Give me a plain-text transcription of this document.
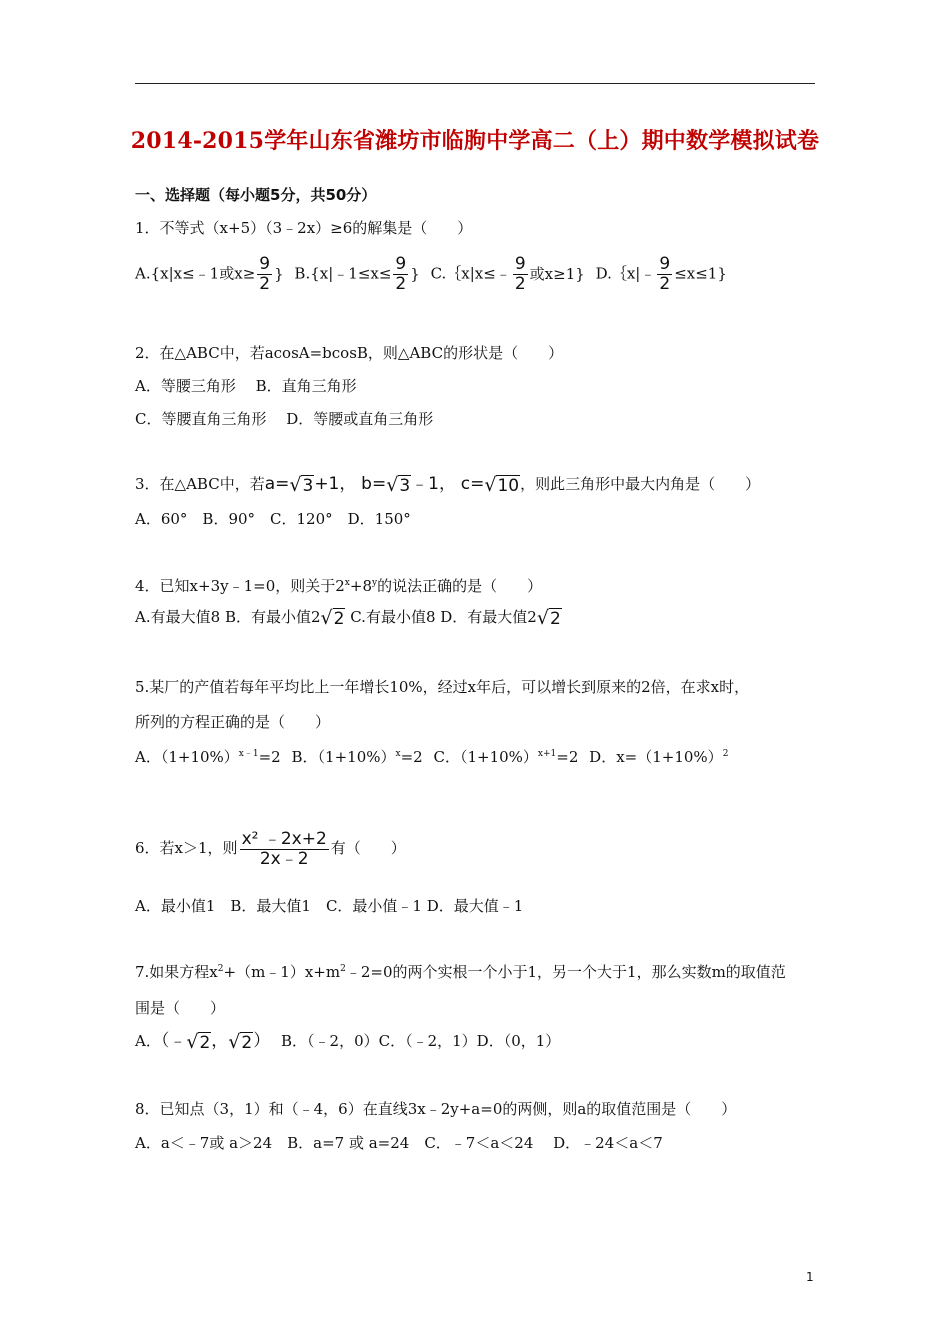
2014-2015学年山东省潍坊市临朐中学高二（上）期中数学模拟试卷
一、选择题（每小题5分，共50分）
1．不等式（x+5）（3﹣2x）≥6的解集是（　　）
A.{x|x≤﹣1或$x\ge \frac{9}{2}$ } B.{x|﹣1≤x≤ $\frac{9}{2}$ } C.｛x|x≤﹣ $\frac{9}{2}$ 或x≥1} D.｛x|﹣ $\frac{9}{2} \le x\le 1$}
2．在△ABC中，若acosA=bcosB，则△ABC的形状是（　　）
A．等腰三角形　 B．直角三角形
C．等腰直角三角形　 D．等腰或直角三角形
3．在△ABC中，若a=√3+1， b=√3﹣1， c=√10，则此三角形中最大内角是（　　）
A．60°　B．90°　C．120°　D．150°
4．已知x+3y﹣1=0，则关于$2^x+8^y$的说法正确的是（　　）
A.有最大值8 B．有最小值2√2 C.有最小值8 D．有最大值2√2
5.某厂的产值若每年平均比上一年增长10%，经过x年后，可以增长到原来的2倍，在求x时，
所列的方程正确的是（　　）
A．$(1+10\%)^{x﹣1}=2$ B．$(1+10\%)^x=2$ C．$(1+10\%)^{x+1}=2$ D．$x=(1+10\%)^2$
6．若x＞1，则 $\frac{\text{x² ﹣2x+2}}{2x﹣2}$ 有（　　）
A．最小值1　B．最大值1　C．最小值﹣1 D．最大值﹣1
7.如果方程$x^2+(m﹣1)x+m^2﹣2=0$的两个实根一个小于1，另一个大于1，那么实数m的取值范
围是（　　）
A．（﹣√2，√2） B．（﹣2，0）C．（﹣2，1）D．（0，1）
8．已知点（3，1）和（﹣4，6）在直线3x﹣2y+a=0的两侧，则a的取值范围是（　　）
A．a＜﹣7或 a＞24　B．a=7 或 a=24　C．﹣7＜a＜24　 D．﹣24＜a＜7
1
